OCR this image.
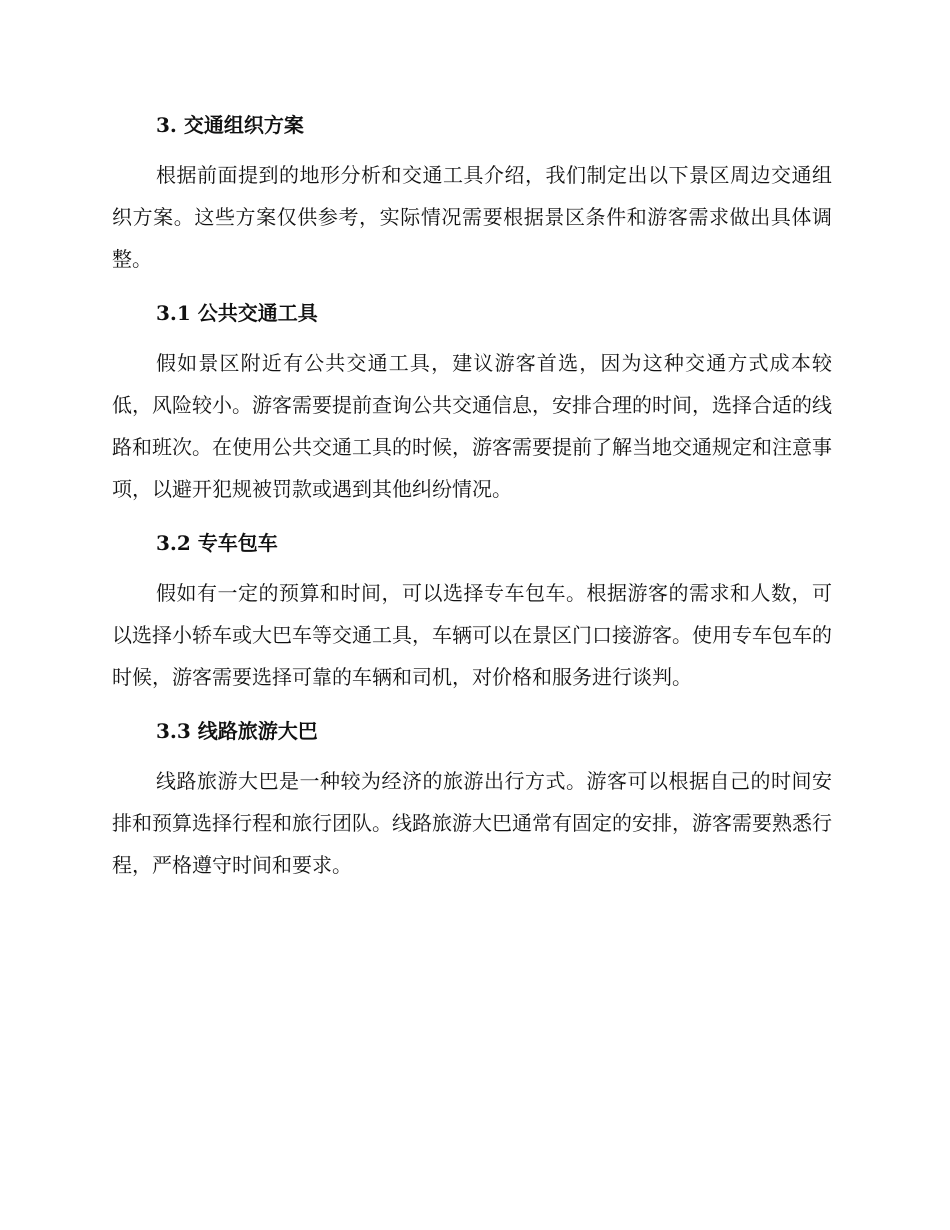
3. 交通组织方案
根据前面提到的地形分析和交通工具介绍，我们制定出以下景区周边交通组织方案。这些方案仅供参考，实际情况需要根据景区条件和游客需求做出具体调整。
3.1 公共交通工具
假如景区附近有公共交通工具，建议游客首选，因为这种交通方式成本较低，风险较小。游客需要提前查询公共交通信息，安排合理的时间，选择合适的线路和班次。在使用公共交通工具的时候，游客需要提前了解当地交通规定和注意事项，以避开犯规被罚款或遇到其他纠纷情况。
3.2 专车包车
假如有一定的预算和时间，可以选择专车包车。根据游客的需求和人数，可以选择小轿车或大巴车等交通工具，车辆可以在景区门口接游客。使用专车包车的时候，游客需要选择可靠的车辆和司机，对价格和服务进行谈判。
3.3 线路旅游大巴
线路旅游大巴是一种较为经济的旅游出行方式。游客可以根据自己的时间安排和预算选择行程和旅行团队。线路旅游大巴通常有固定的安排，游客需要熟悉行程，严格遵守时间和要求。
